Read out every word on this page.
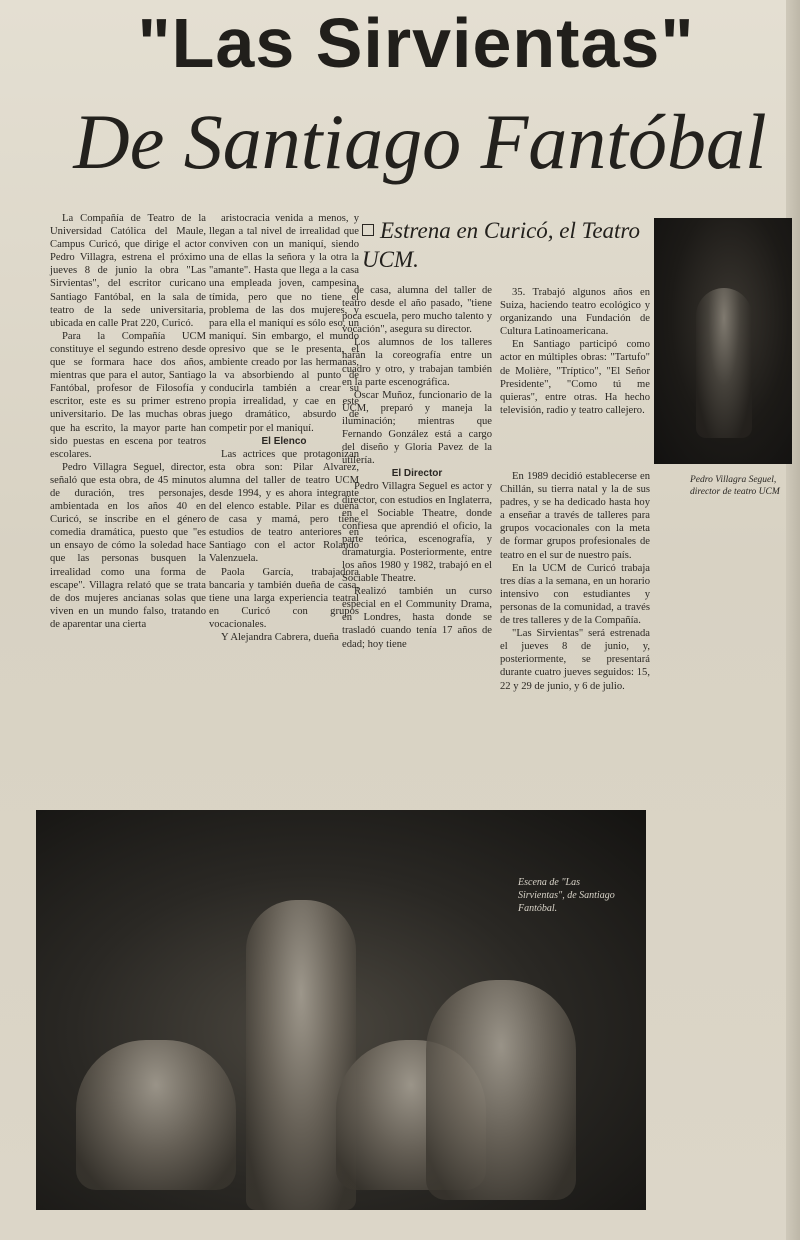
"Las Sirvientas"
De Santiago Fantóbal
Estrena en Curicó, el Teatro UCM.

La Compañía de Teatro de la Universidad Católica del Maule, Campus Curicó, que dirige el actor Pedro Villagra, estrena el próximo jueves 8 de junio la obra "Las Sirvientas", del escritor curicano Santiago Fantóbal, en la sala de teatro de la sede universitaria, ubicada en calle Prat 220, Curicó.

Para la Compañía UCM constituye el segundo estreno desde que se formara hace dos años, mientras que para el autor, Santiago Fantóbal, profesor de Filosofía y escritor, este es su primer estreno universitario. De las muchas obras que ha escrito, la mayor parte han sido puestas en escena por teatros escolares.

Pedro Villagra Seguel, director, señaló que esta obra, de 45 minutos de duración, tres personajes, ambientada en los años 40 en Curicó, se inscribe en el género comedia dramática, puesto que "es un ensayo de cómo la soledad hace que las personas busquen la irrealidad como una forma de escape". Villagra relató que se trata de dos mujeres ancianas solas que viven en un mundo falso, tratando de aparentar una cierta

aristocracia venida a menos, y llegan a tal nivel de irrealidad que conviven con un maniquí, siendo una de ellas la señora y la otra la "amante". Hasta que llega a la casa una empleada joven, campesina, tímida, pero que no tiene el problema de las dos mujeres, y para ella el maniquí es sólo eso, un maniquí. Sin embargo, el mundo opresivo que se le presenta, el ambiente creado por las hermanas, la va absorbiendo al punto de conducirla también a crear su propia irrealidad, y cae en este juego dramático, absurdo de competir por el maniquí.

El Elenco

Las actrices que protagonizan esta obra son: Pilar Alvarez, alumna del taller de teatro UCM desde 1994, y es ahora integrante del elenco estable. Pilar es dueña de casa y mamá, pero tiene estudios de teatro anteriores en Santiago con el actor Rolando Valenzuela.

Paola García, trabajadora bancaria y también dueña de casa, tiene una larga experiencia teatral en Curicó con grupos vocacionales.

Y Alejandra Cabrera, dueña

de casa, alumna del taller de teatro desde el año pasado, "tiene poca escuela, pero mucho talento y vocación", asegura su director.

Los alumnos de los talleres harán la coreografía entre un cuadro y otro, y trabajan también en la parte escenográfica.

Oscar Muñoz, funcionario de la UCM, preparó y maneja la iluminación; mientras que Fernando González está a cargo del diseño y Gloria Pavez de la utilería.

El Director

Pedro Villagra Seguel es actor y director, con estudios en Inglaterra, en el Sociable Theatre, donde confiesa que aprendió el oficio, la parte teórica, escenografía, y dramaturgia. Posteriormente, entre los años 1980 y 1982, trabajó en el Sociable Theatre.

Realizó también un curso especial en el Community Drama, en Londres, hasta donde se trasladó cuando tenía 17 años de edad; hoy tiene

35. Trabajó algunos años en Suiza, haciendo teatro ecológico y organizando una Fundación de Cultura Latinoamericana.

En Santiago participó como actor en múltiples obras: "Tartufo" de Molière, "Tríptico", "El Señor Presidente", "Como tú me quieras", entre otras. Ha hecho televisión, radio y teatro callejero.

En 1989 decidió establecerse en Chillán, su tierra natal y la de sus padres, y se ha dedicado hasta hoy a enseñar a través de talleres para grupos vocacionales con la meta de formar grupos profesionales de teatro en el sur de nuestro país.

En la UCM de Curicó trabaja tres días a la semana, en un horario intensivo con estudiantes y personas de la comunidad, a través de tres talleres y de la Compañía.

"Las Sirvientas" será estrenada el jueves 8 de junio, y, posteriormente, se presentará durante cuatro jueves seguidos: 15, 22 y 29 de junio, y 6 de julio.

Pedro Villagra Seguel, director de teatro UCM
Escena de "Las Sirvientas", de Santiago Fantóbal.
